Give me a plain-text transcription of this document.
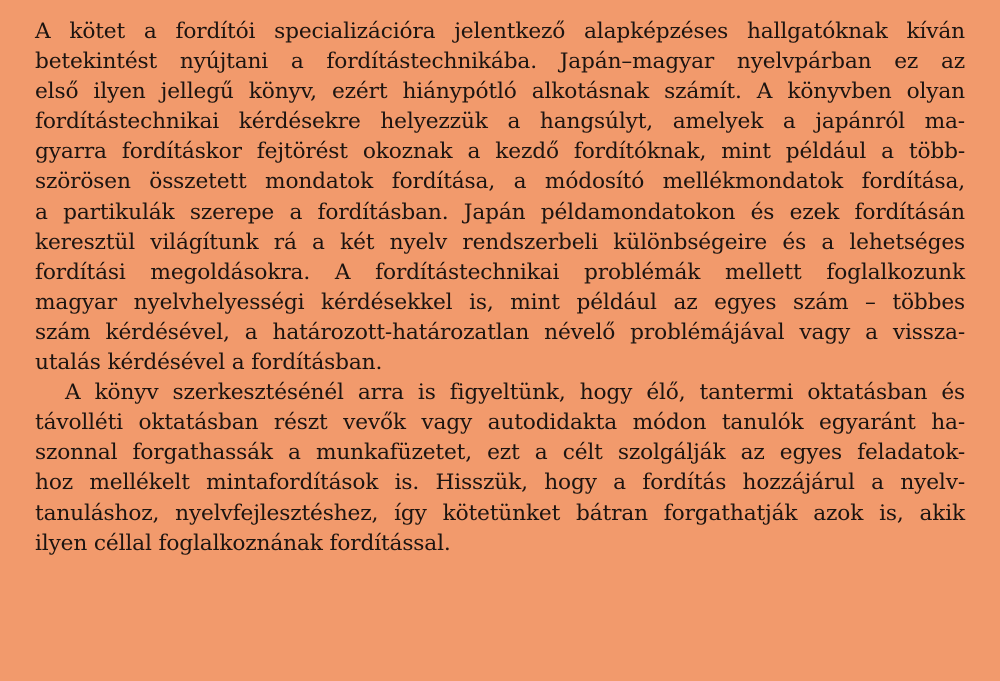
A kötet a fordítói specializációra jelentkező alapképzéses hallgatóknak kíván
betekintést nyújtani a fordítástechnikába. Japán–magyar nyelvpárban ez az
első ilyen jellegű könyv, ezért hiánypótló alkotásnak számít. A könyvben olyan
fordítástechnikai kérdésekre helyezzük a hangsúlyt, amelyek a japánról ma-
gyarra fordításkor fejtörést okoznak a kezdő fordítóknak, mint például a több-
szörösen összetett mondatok fordítása, a módosító mellékmondatok fordítása,
a partikulák szerepe a fordításban. Japán példamondatokon és ezek fordításán
keresztül világítunk rá a két nyelv rendszerbeli különbségeire és a lehetséges
fordítási megoldásokra. A fordítástechnikai problémák mellett foglalkozunk
magyar nyelvhelyességi kérdésekkel is, mint például az egyes szám – többes
szám kérdésével, a határozott-határozatlan névelő problémájával vagy a vissza-
utalás kérdésével a fordításban.
A könyv szerkesztésénél arra is figyeltünk, hogy élő, tantermi oktatásban és
távolléti oktatásban részt vevők vagy autodidakta módon tanulók egyaránt ha-
szonnal forgathassák a munkafüzetet, ezt a célt szolgálják az egyes feladatok-
hoz mellékelt mintafordítások is. Hisszük, hogy a fordítás hozzájárul a nyelv-
tanuláshoz, nyelvfejlesztéshez, így kötetünket bátran forgathatják azok is, akik
ilyen céllal foglalkoznának fordítással.
